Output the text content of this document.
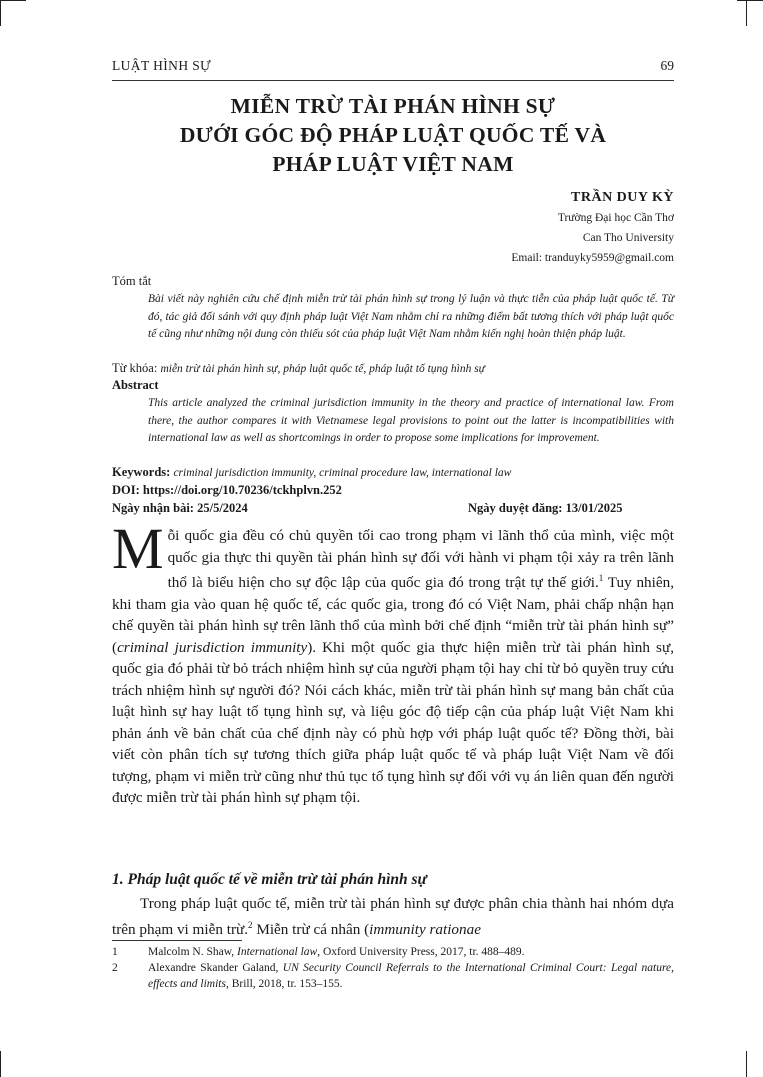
LUẬT HÌNH SỰ	69
MIỄN TRỪ TÀI PHÁN HÌNH SỰ
DƯỚI GÓC ĐỘ PHÁP LUẬT QUỐC TẾ VÀ
PHÁP LUẬT VIỆT NAM
TRẦN DUY KỲ
Trường Đại học Cần Thơ
Can Tho University
Email: tranduyky5959@gmail.com
Tóm tắt
Bài viết này nghiên cứu chế định miễn trừ tài phán hình sự trong lý luận và thực tiễn của pháp luật quốc tế. Từ đó, tác giả đối sánh với quy định pháp luật Việt Nam nhằm chỉ ra những điểm bất tương thích với pháp luật quốc tế cũng như những nội dung còn thiếu sót của pháp luật Việt Nam nhằm kiến nghị hoàn thiện pháp luật.
Từ khóa: miễn trừ tài phán hình sự, pháp luật quốc tế, pháp luật tố tụng hình sự
Abstract
This article analyzed the criminal jurisdiction immunity in the theory and practice of international law. From there, the author compares it with Vietnamese legal provisions to point out the latter is incompatibilities with international law as well as shortcomings in order to propose some implications for improvement.
Keywords: criminal jurisdiction immunity, criminal procedure law, international law
DOI: https://doi.org/10.70236/tckhplvn.252
Ngày nhận bài: 25/5/2024	Ngày duyệt đăng: 13/01/2025
Mỗi quốc gia đều có chủ quyền tối cao trong phạm vi lãnh thổ của mình, việc một quốc gia thực thi quyền tài phán hình sự đối với hành vi phạm tội xảy ra trên lãnh thổ là biểu hiện cho sự độc lập của quốc gia đó trong trật tự thế giới.$^1$ Tuy nhiên, khi tham gia vào quan hệ quốc tế, các quốc gia, trong đó có Việt Nam, phải chấp nhận hạn chế quyền tài phán hình sự trên lãnh thổ của mình bởi chế định “miễn trừ tài phán hình sự” (criminal jurisdiction immunity). Khi một quốc gia thực hiện miễn trừ tài phán hình sự, quốc gia đó phải từ bỏ trách nhiệm hình sự của người phạm tội hay chỉ từ bỏ quyền truy cứu trách nhiệm hình sự người đó? Nói cách khác, miễn trừ tài phán hình sự mang bản chất của luật hình sự hay luật tố tụng hình sự, và liệu góc độ tiếp cận của pháp luật Việt Nam khi phản ánh về bản chất của chế định này có phù hợp với pháp luật quốc tế? Đồng thời, bài viết còn phân tích sự tương thích giữa pháp luật quốc tế và pháp luật Việt Nam về đối tượng, phạm vi miễn trừ cũng như thủ tục tố tụng hình sự đối với vụ án liên quan đến người được miễn trừ tài phán hình sự phạm tội.
1. Pháp luật quốc tế về miễn trừ tài phán hình sự
Trong pháp luật quốc tế, miễn trừ tài phán hình sự được phân chia thành hai nhóm dựa trên phạm vi miễn trừ.$^2$ Miễn trừ cá nhân (immunity rationae
1	Malcolm N. Shaw, International law, Oxford University Press, 2017, tr. 488–489.
2	Alexandre Skander Galand, UN Security Council Referrals to the International Criminal Court: Legal nature, effects and limits, Brill, 2018, tr. 153–155.
